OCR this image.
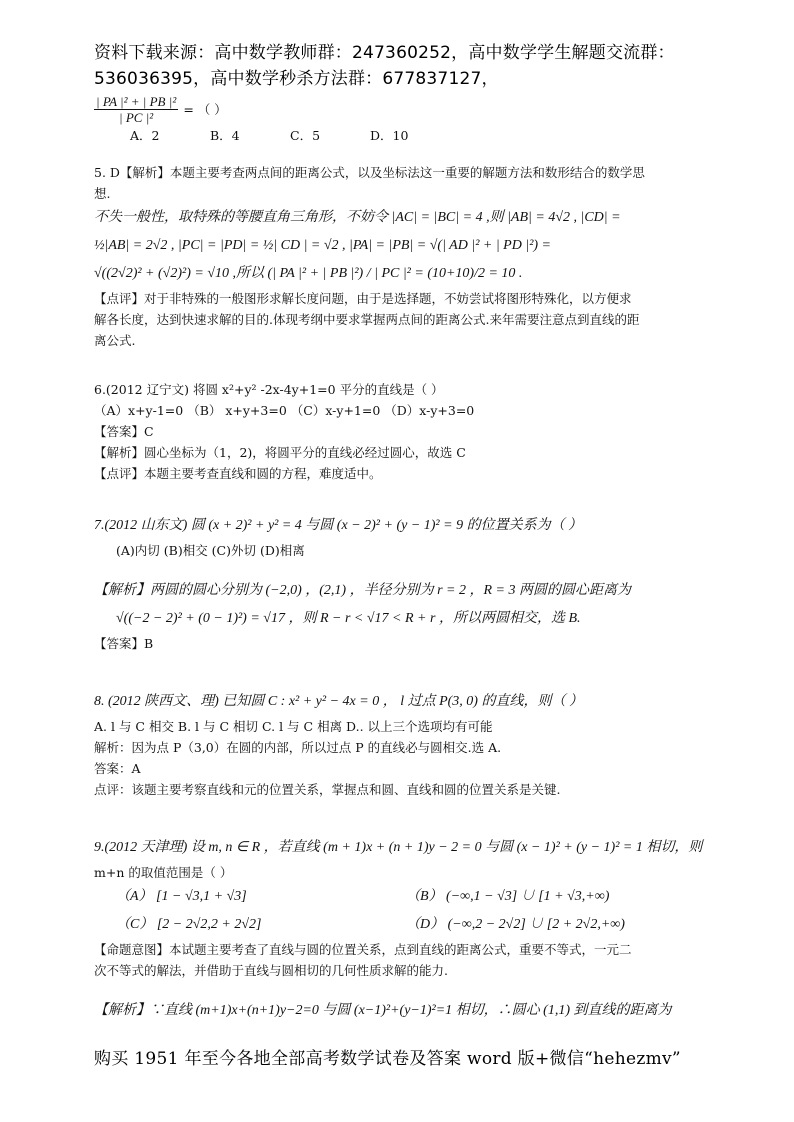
资料下载来源：高中数学教师群：247360252，高中数学学生解题交流群：
536036395，高中数学秒杀方法群：677837127，
$\frac{\text{| PA |² + | PB |²}}{\text{| PC |²}}$ = （ ）
A．2	B．4	C．5	D．10
5. D【解析】本题主要考查两点间的距离公式，以及坐标法这一重要的解题方法和数形结合的数学思
想.
不失一般性，取特殊的等腰直角三角形，不妨令 |AC| = |BC| = 4 ,则 |AB| = 4√2 , |CD| =
½|AB| = 2√2 , |PC| = |PD| = ½| CD | = √2 , |PA| = |PB| = √(| AD |² + | PD |²) =
√((2√2)² + (√2)²) = √10 ,所以 (| PA |² + | PB |²) / | PC |² = (10+10)/2 = 10 .
【点评】对于非特殊的一般图形求解长度问题，由于是选择题，不妨尝试将图形特殊化，以方便求
解各长度，达到快速求解的目的.体现考纲中要求掌握两点间的距离公式.来年需要注意点到直线的距
离公式.
6.(2012 辽宁文) 将圆 x²+y² -2x-4y+1=0 平分的直线是（ ）
（A）x+y-1=0 （B） x+y+3=0 （C）x-y+1=0 （D）x-y+3=0
【答案】C
【解析】圆心坐标为（1，2)，将圆平分的直线必经过圆心，故选 C
【点评】本题主要考查直线和圆的方程，难度适中。
7.(2012 山东文) 圆 (x + 2)² + y² = 4 与圆 (x − 2)² + (y − 1)² = 9 的位置关系为（ ）
(A)内切 (B)相交 (C)外切 (D)相离
【解析】两圆的圆心分别为 (−2,0) ，(2,1) ，半径分别为 r = 2 ，R = 3 两圆的圆心距离为
√((−2 − 2)² + (0 − 1)²) = √17 ，则 R − r < √17 < R + r ，所以两圆相交，选 B.
【答案】B
8. (2012 陕西文、理) 已知圆 C : x² + y² − 4x = 0 ， l 过点 P(3, 0) 的直线，则（ ）
A. l 与 C 相交 B. l 与 C 相切 C. l 与 C 相离 D.. 以上三个选项均有可能
解析：因为点 P（3,0）在圆的内部，所以过点 P 的直线必与圆相交.选 A.
答案：A
点评：该题主要考察直线和元的位置关系，掌握点和圆、直线和圆的位置关系是关键.
9.(2012 天津理) 设 m, n ∈ R ，若直线 (m + 1)x + (n + 1)y − 2 = 0 与圆 (x − 1)² + (y − 1)² = 1 相切，则
m+n 的取值范围是（ ）
（A） [1 − √3,1 + √3]	（B） (−∞,1 − √3] ∪ [1 + √3,+∞)
（C） [2 − 2√2,2 + 2√2]	（D） (−∞,2 − 2√2] ∪ [2 + 2√2,+∞)
【命题意图】本试题主要考查了直线与圆的位置关系，点到直线的距离公式，重要不等式，一元二
次不等式的解法，并借助于直线与圆相切的几何性质求解的能力.
【解析】∵直线 (m+1)x+(n+1)y−2=0 与圆 (x−1)²+(y−1)²=1 相切，∴圆心 (1,1) 到直线的距离为
购买 1951 年至今各地全部高考数学试卷及答案 word 版+微信“hehezmv”
